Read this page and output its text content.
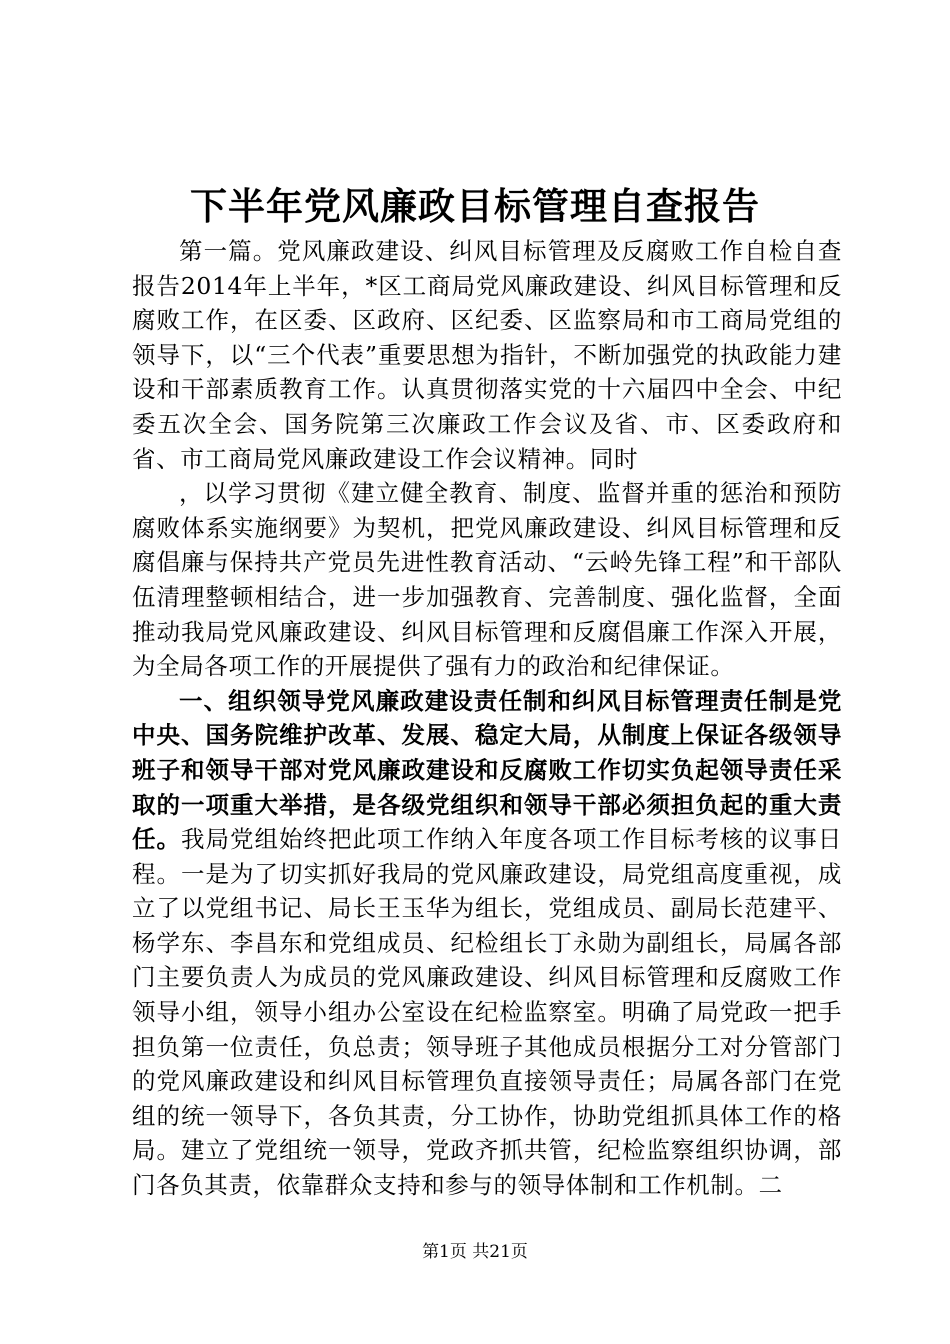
下半年党风廉政目标管理自查报告

第一篇。党风廉政建设、纠风目标管理及反腐败工作自检自查报告2014年上半年，*区工商局党风廉政建设、纠风目标管理和反腐败工作，在区委、区政府、区纪委、区监察局和市工商局党组的领导下，以“三个代表”重要思想为指针，不断加强党的执政能力建设和干部素质教育工作。认真贯彻落实党的十六届四中全会、中纪委五次全会、国务院第三次廉政工作会议及省、市、区委政府和省、市工商局党风廉政建设工作会议精神。同时

，以学习贯彻《建立健全教育、制度、监督并重的惩治和预防腐败体系实施纲要》为契机，把党风廉政建设、纠风目标管理和反腐倡廉与保持共产党员先进性教育活动、“云岭先锋工程”和干部队伍清理整顿相结合，进一步加强教育、完善制度、强化监督，全面推动我局党风廉政建设、纠风目标管理和反腐倡廉工作深入开展，为全局各项工作的开展提供了强有力的政治和纪律保证。

一、组织领导党风廉政建设责任制和纠风目标管理责任制是党中央、国务院维护改革、发展、稳定大局，从制度上保证各级领导班子和领导干部对党风廉政建设和反腐败工作切实负起领导责任采取的一项重大举措，是各级党组织和领导干部必须担负起的重大责任。我局党组始终把此项工作纳入年度各项工作目标考核的议事日程。一是为了切实抓好我局的党风廉政建设，局党组高度重视，成立了以党组书记、局长王玉华为组长，党组成员、副局长范建平、杨学东、李昌东和党组成员、纪检组长丁永勋为副组长，局属各部门主要负责人为成员的党风廉政建设、纠风目标管理和反腐败工作领导小组，领导小组办公室设在纪检监察室。明确了局党政一把手担负第一位责任，负总责；领导班子其他成员根据分工对分管部门的党风廉政建设和纠风目标管理负直接领导责任；局属各部门在党组的统一领导下，各负其责，分工协作，协助党组抓具体工作的格局。建立了党组统一领导，党政齐抓共管，纪检监察组织协调，部门各负其责，依靠群众支持和参与的领导体制和工作机制。二

第1页 共21页
